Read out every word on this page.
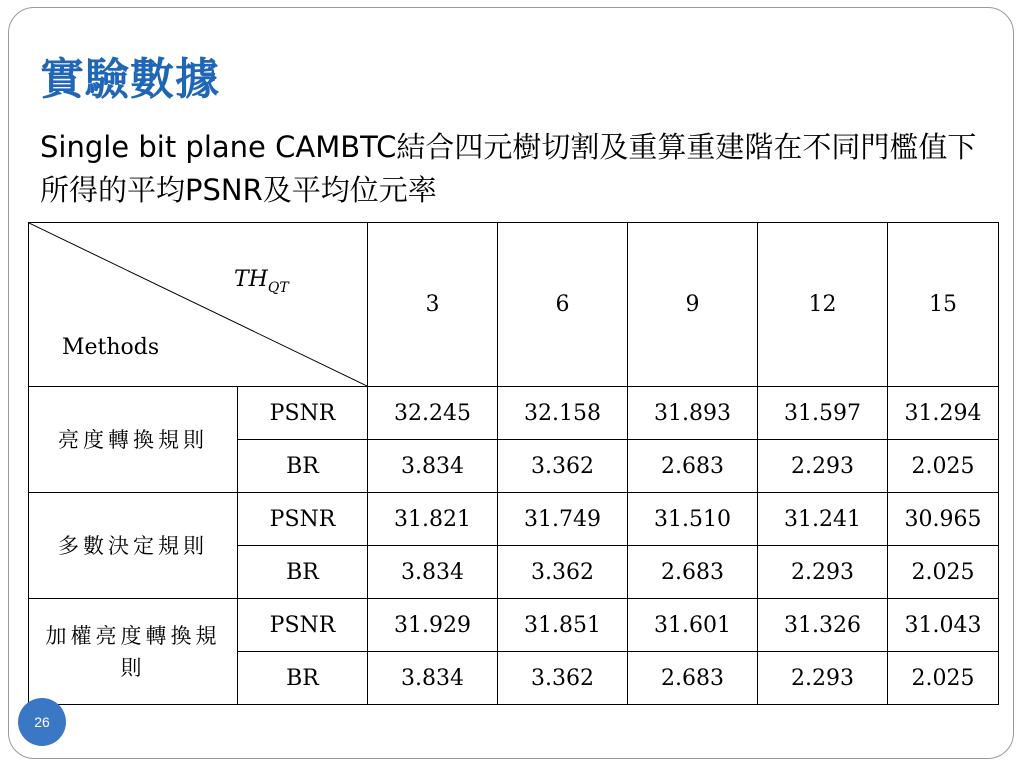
實驗數據
Single bit plane CAMBTC結合四元樹切割及重算重建階在不同門檻值下所得的平均PSNR及平均位元率
$TH_{QT}$
Methods		3	6	9	12	15
亮度轉換規則	PSNR	32.245	32.158	31.893	31.597	31.294
	BR	3.834	3.362	2.683	2.293	2.025
多數決定規則	PSNR	31.821	31.749	31.510	31.241	30.965
	BR	3.834	3.362	2.683	2.293	2.025
加權亮度轉換規則	PSNR	31.929	31.851	31.601	31.326	31.043
	BR	3.834	3.362	2.683	2.293	2.025
26
